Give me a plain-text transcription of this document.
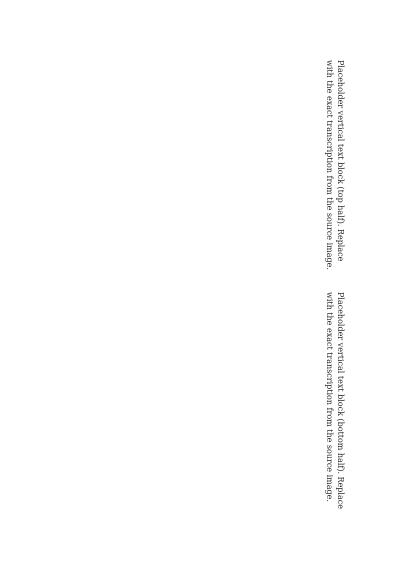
Placeholder vertical text block (top half). Replace with the exact transcription from the source image.
Placeholder vertical text block (bottom half). Replace with the exact transcription from the source image.
